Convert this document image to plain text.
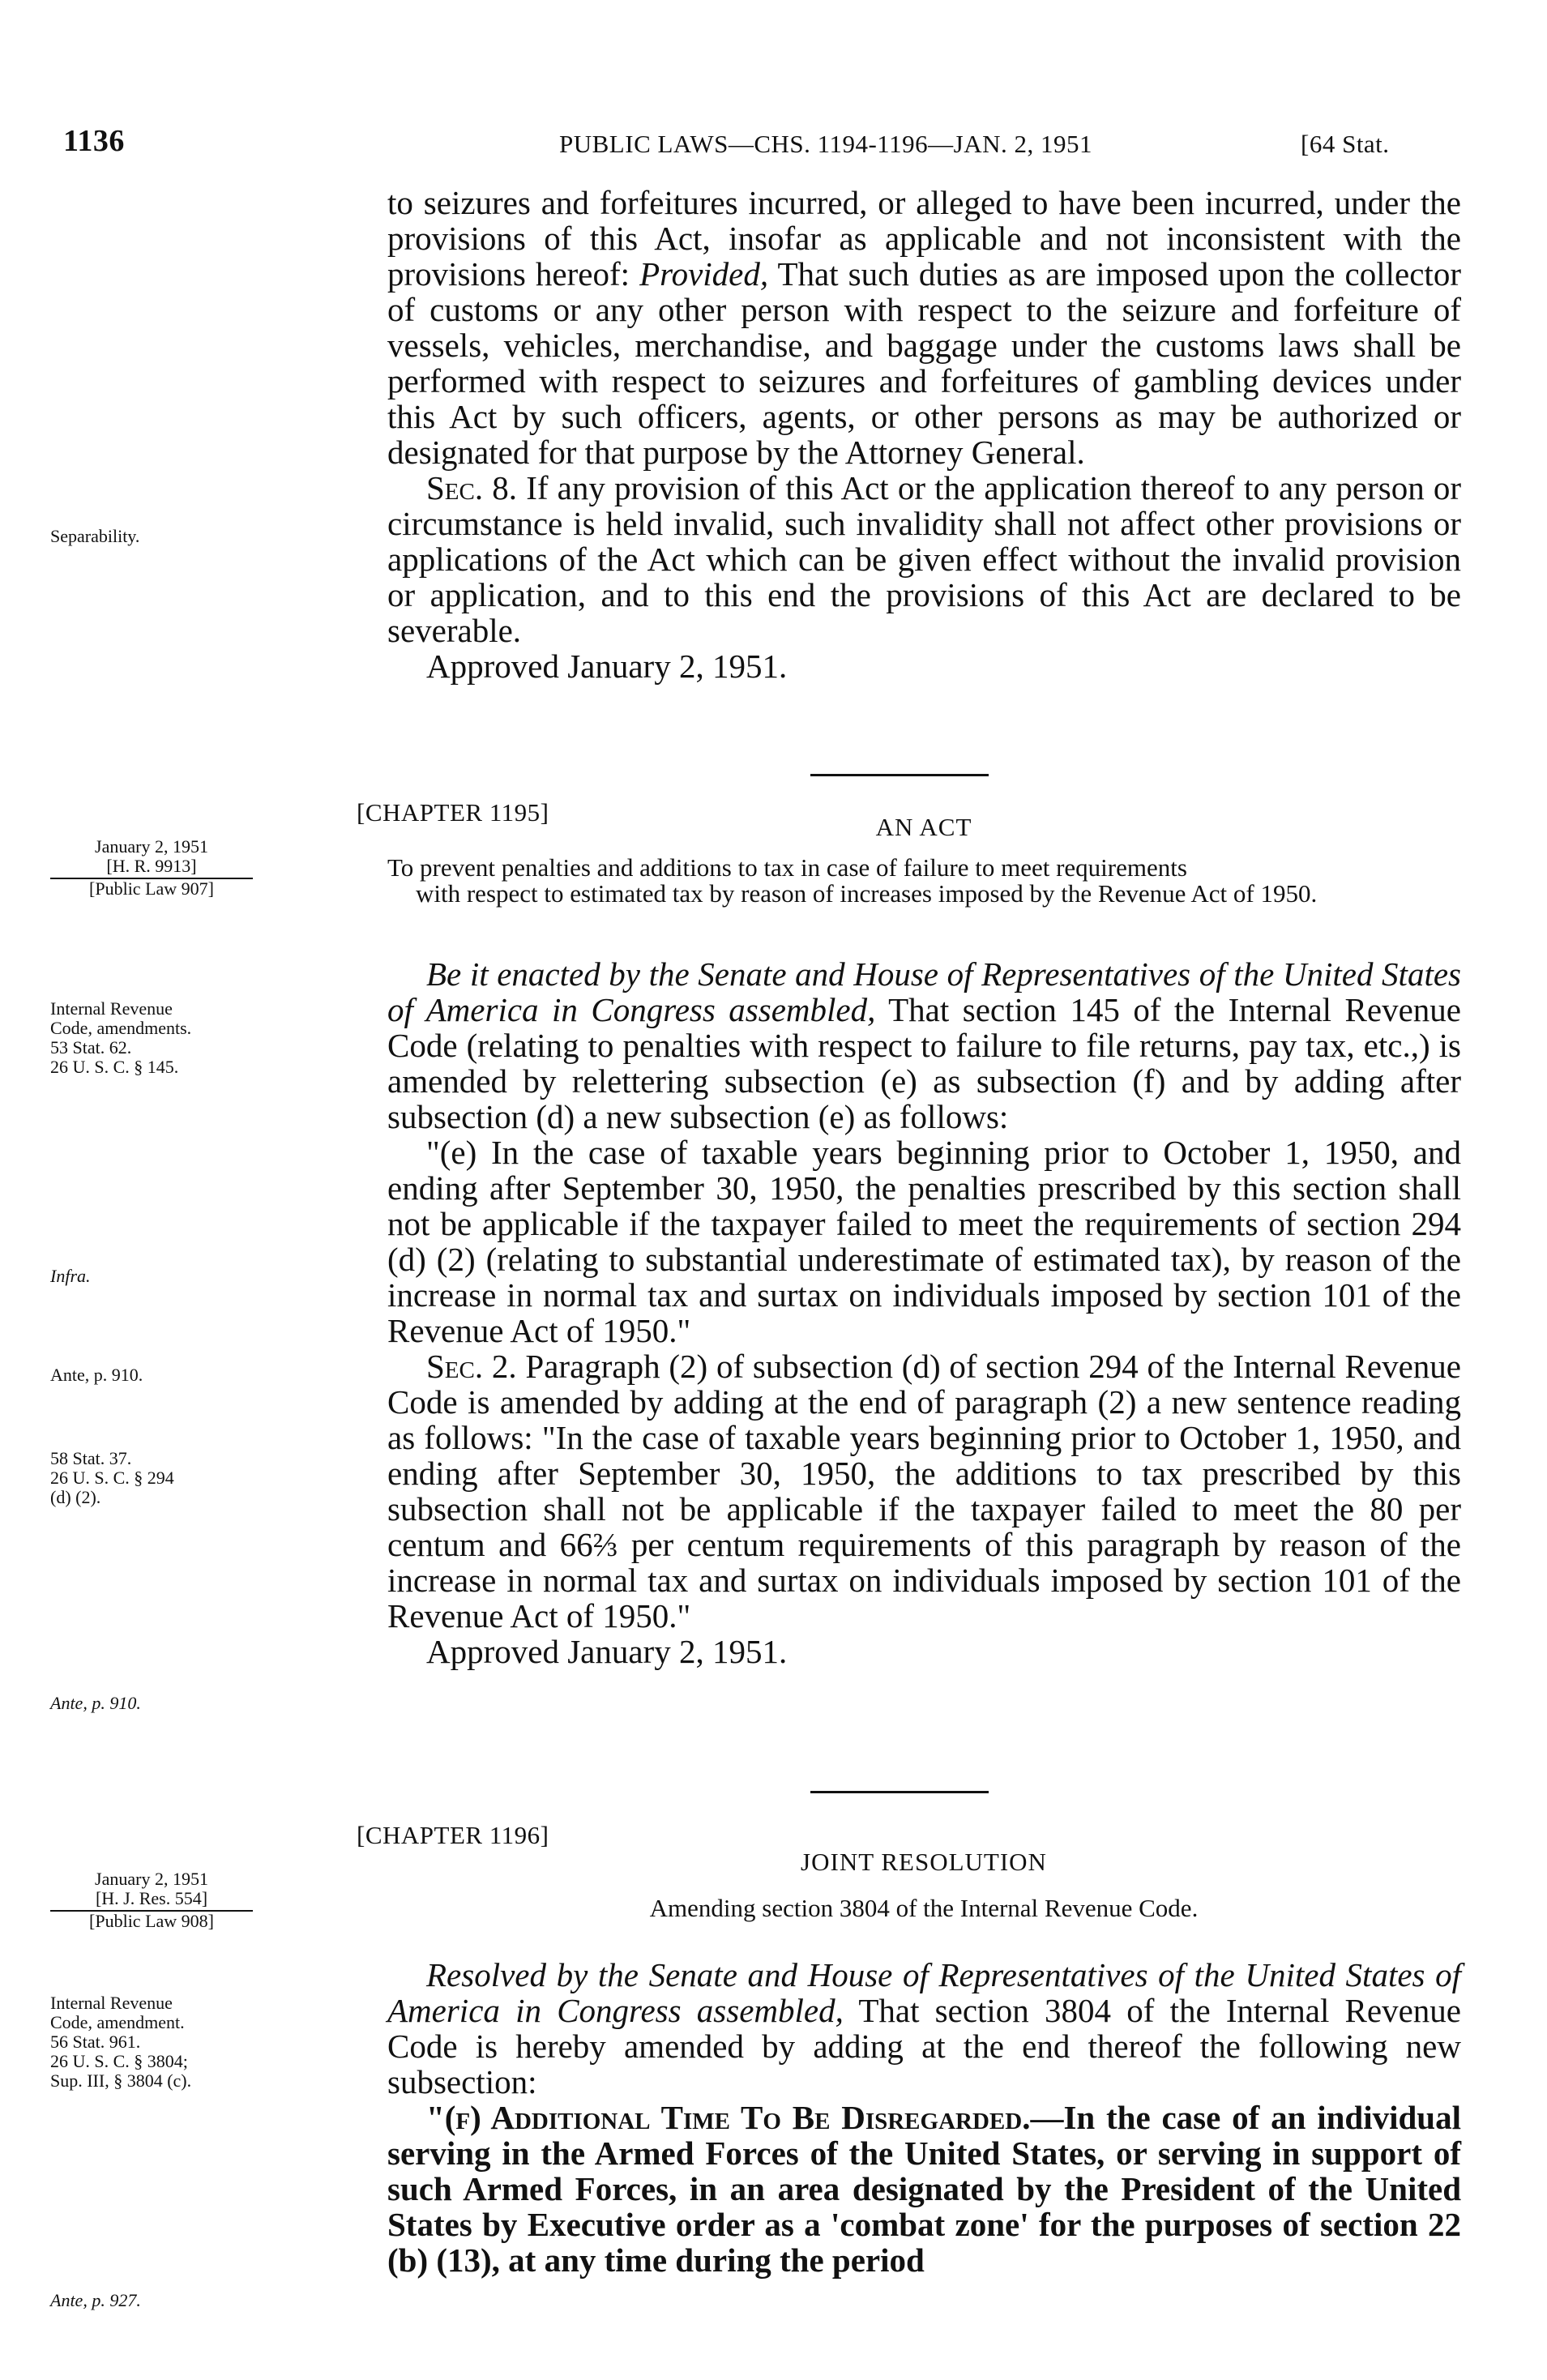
1136	PUBLIC LAWS—CHS. 1194-1196—JAN. 2, 1951	[64 Stat.

to seizures and forfeitures incurred, or alleged to have been incurred, under the provisions of this Act, insofar as applicable and not inconsistent with the provisions hereof: Provided, That such duties as are imposed upon the collector of customs or any other person with respect to the seizure and forfeiture of vessels, vehicles, merchandise, and baggage under the customs laws shall be performed with respect to seizures and forfeitures of gambling devices under this Act by such officers, agents, or other persons as may be authorized or designated for that purpose by the Attorney General.

Sec. 8. If any provision of this Act or the application thereof to any person or circumstance is held invalid, such invalidity shall not affect other provisions or applications of the Act which can be given effect without the invalid provision or application, and to this end the provisions of this Act are declared to be severable.

Approved January 2, 1951.

Separability.
[CHAPTER 1195]
AN ACT
To prevent penalties and additions to tax in case of failure to meet requirements
with respect to estimated tax by reason of increases imposed by the Revenue Act of 1950.
January 2, 1951
[H. R. 9913]
[Public Law 907]

Be it enacted by the Senate and House of Representatives of the United States of America in Congress assembled, That section 145 of the Internal Revenue Code (relating to penalties with respect to failure to file returns, pay tax, etc.,) is amended by relettering subsection (e) as subsection (f) and by adding after subsection (d) a new subsection (e) as follows:

"(e) In the case of taxable years beginning prior to October 1, 1950, and ending after September 30, 1950, the penalties prescribed by this section shall not be applicable if the taxpayer failed to meet the requirements of section 294 (d) (2) (relating to substantial underestimate of estimated tax), by reason of the increase in normal tax and surtax on individuals imposed by section 101 of the Revenue Act of 1950."

Sec. 2. Paragraph (2) of subsection (d) of section 294 of the Internal Revenue Code is amended by adding at the end of paragraph (2) a new sentence reading as follows: "In the case of taxable years beginning prior to October 1, 1950, and ending after September 30, 1950, the additions to tax prescribed by this subsection shall not be applicable if the taxpayer failed to meet the 80 per centum and 66⅔ per centum requirements of this paragraph by reason of the increase in normal tax and surtax on individuals imposed by section 101 of the Revenue Act of 1950."

Approved January 2, 1951.

Internal Revenue
Code, amendments.
53 Stat. 62.
26 U. S. C. § 145.
Infra.
Ante, p. 910.
58 Stat. 37.
26 U. S. C. § 294
(d) (2).
Ante, p. 910.
[CHAPTER 1196]
JOINT RESOLUTION
Amending section 3804 of the Internal Revenue Code.
January 2, 1951
[H. J. Res. 554]
[Public Law 908]

Resolved by the Senate and House of Representatives of the United States of America in Congress assembled, That section 3804 of the Internal Revenue Code is hereby amended by adding at the end thereof the following new subsection:

"(f) Additional Time To Be Disregarded.—In the case of an individual serving in the Armed Forces of the United States, or serving in support of such Armed Forces, in an area designated by the President of the United States by Executive order as a 'combat zone' for the purposes of section 22 (b) (13), at any time during the period

Internal Revenue
Code, amendment.
56 Stat. 961.
26 U. S. C. § 3804;
Sup. III, § 3804 (c).
Ante, p. 927.
